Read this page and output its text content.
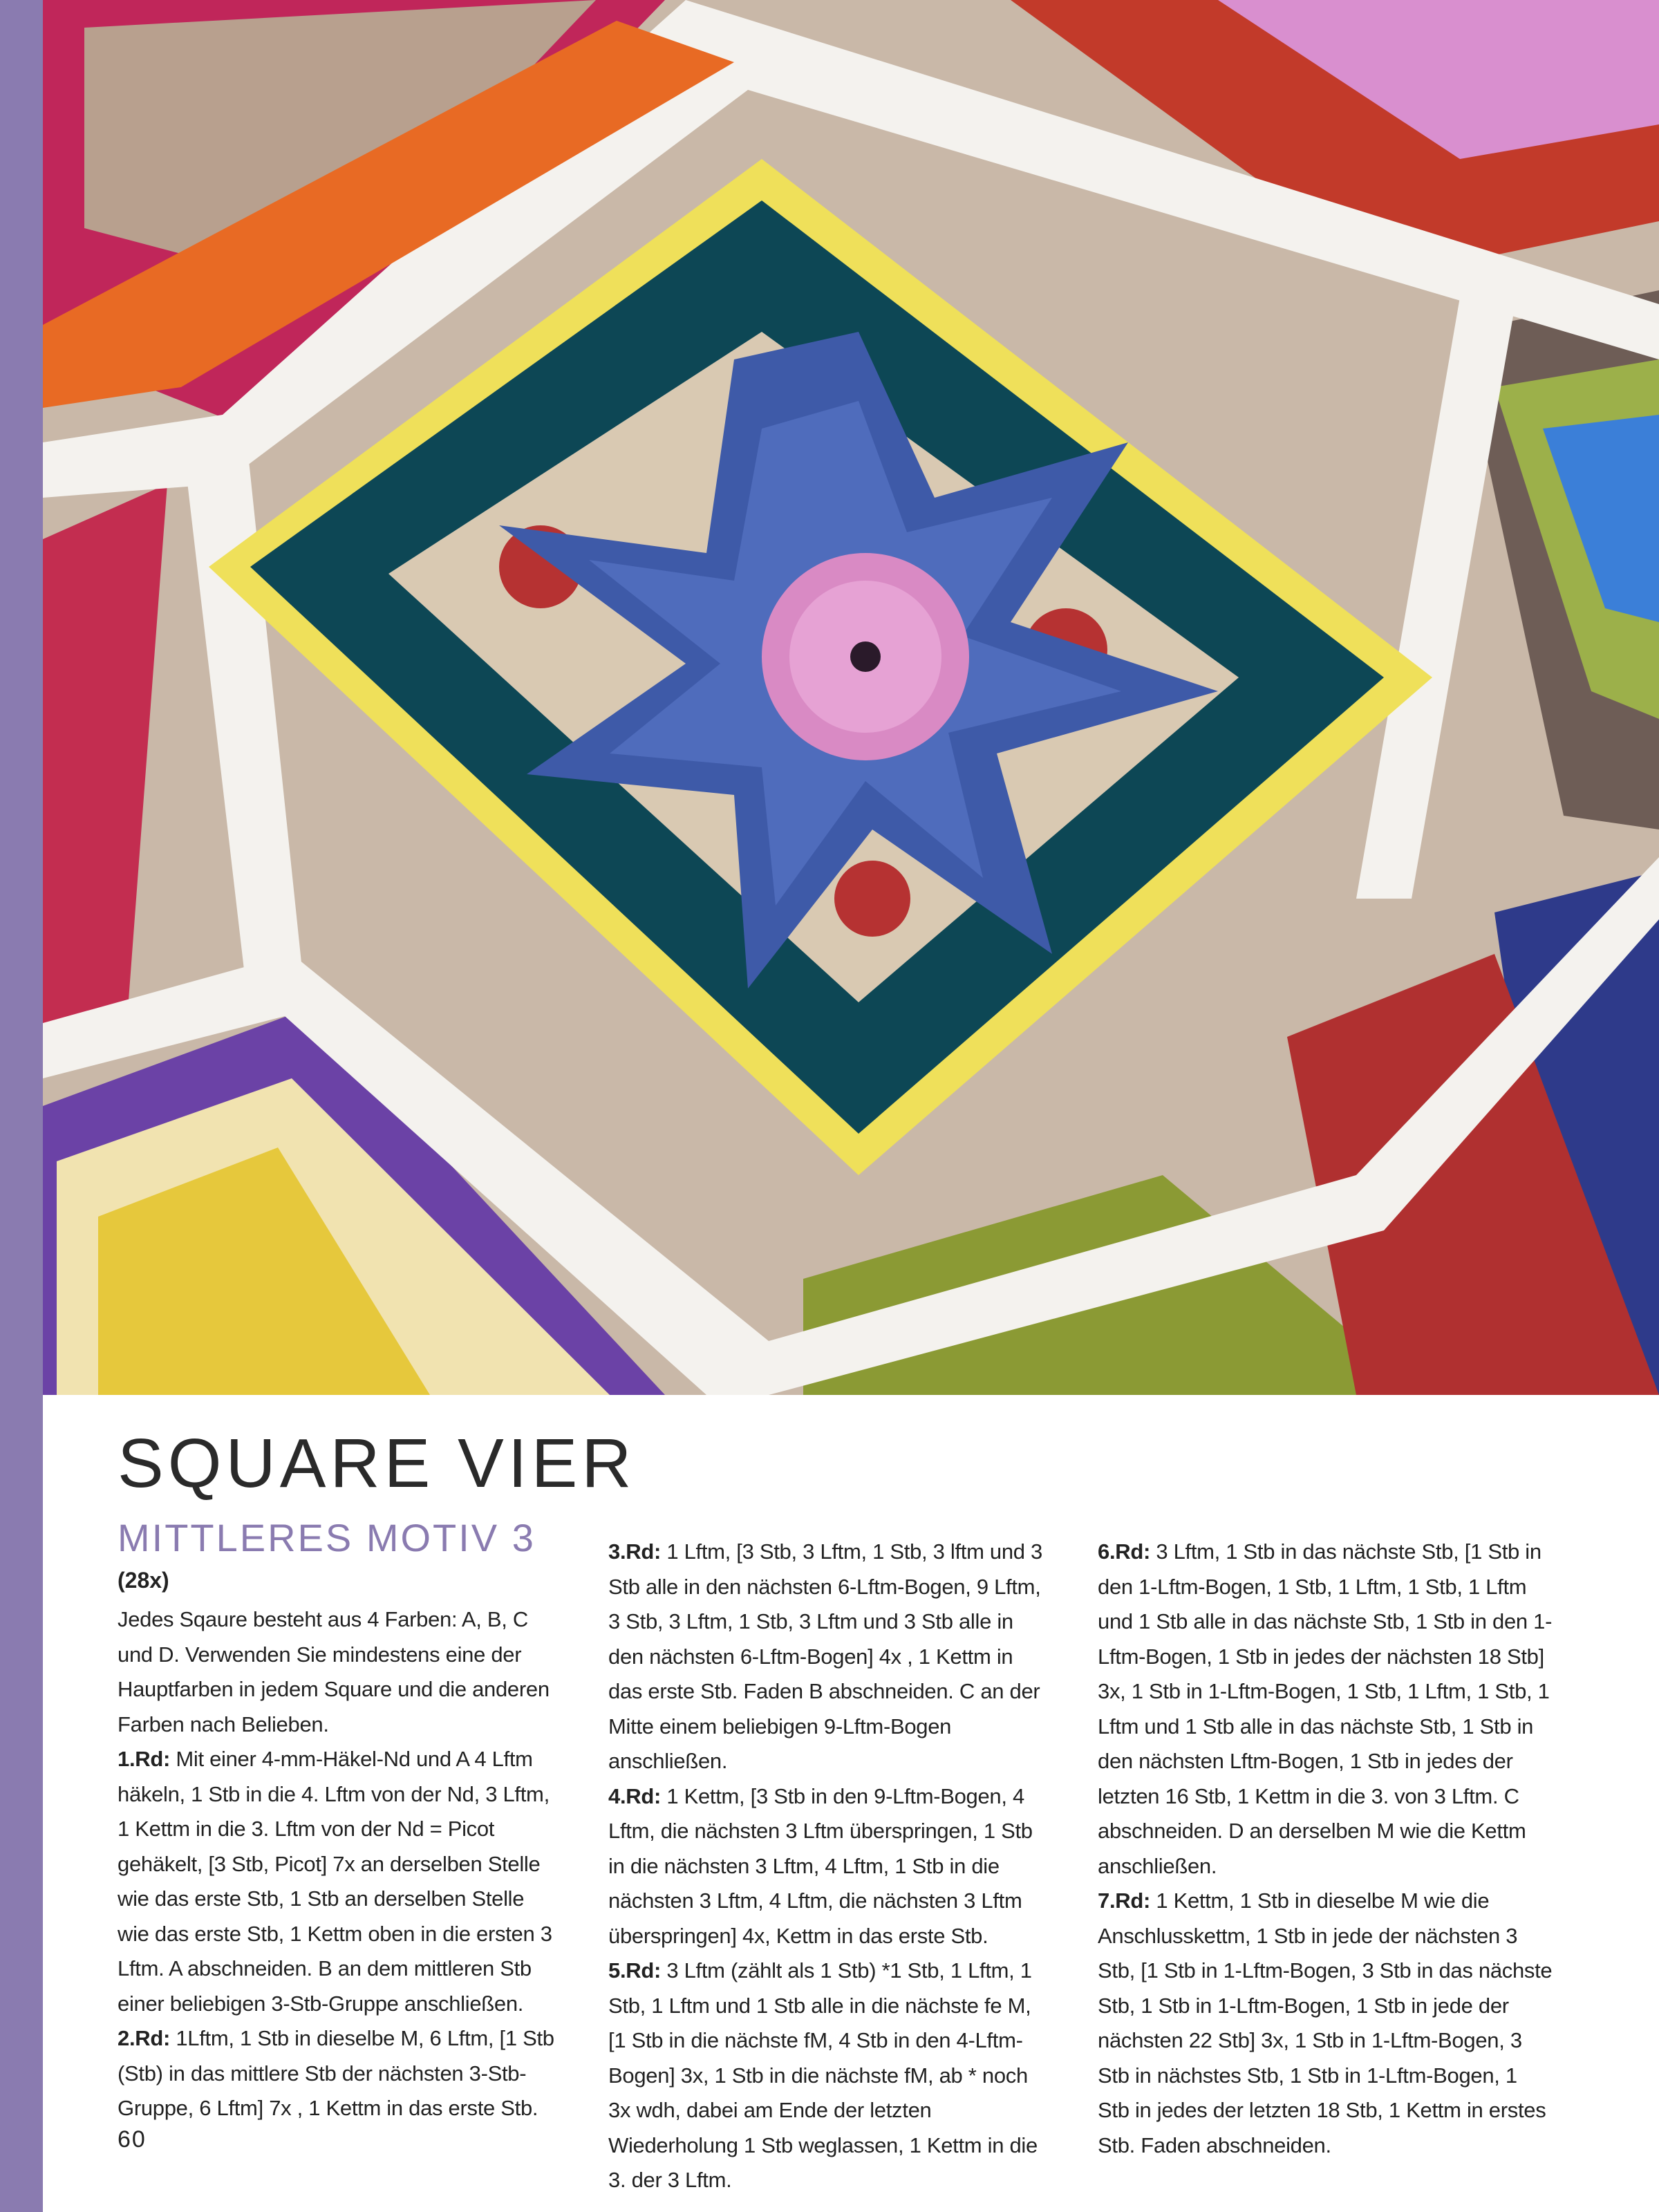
SQUARE VIER
MITTLERES MOTIV 3
(28x)

Jedes Sqaure besteht aus 4 Farben: A, B, C und D. Verwenden Sie mindestens eine der Hauptfarben in jedem Square und die anderen Farben nach Belieben.

1.Rd: Mit einer 4-mm-Häkel-Nd und A 4 Lftm häkeln, 1 Stb in die 4. Lftm von der Nd, 3 Lftm, 1 Kettm in die 3. Lftm von der Nd = Picot gehäkelt, [3 Stb, Picot] 7x an derselben Stelle wie das erste Stb, 1 Stb an derselben Stelle wie das erste Stb, 1 Kettm oben in die ersten 3 Lftm. A abschneiden. B an dem mittleren Stb einer beliebigen 3-Stb-Gruppe anschließen.

2.Rd: 1Lftm, 1 Stb in dieselbe M, 6 Lftm, [1 Stb (Stb) in das mittlere Stb der nächsten 3-Stb-Gruppe, 6 Lftm] 7x , 1 Kettm in das erste Stb.

3.Rd: 1 Lftm, [3 Stb, 3 Lftm, 1 Stb, 3 lftm und 3 Stb alle in den nächsten 6-Lftm-Bogen, 9 Lftm, 3 Stb, 3 Lftm, 1 Stb, 3 Lftm und 3 Stb alle in den nächsten 6-Lftm-Bogen] 4x , 1 Kettm in das erste Stb. Faden B abschneiden. C an der Mitte einem beliebigen 9-Lftm-Bogen anschließen.

4.Rd: 1 Kettm, [3 Stb in den 9-Lftm-Bogen, 4 Lftm, die nächsten 3 Lftm überspringen, 1 Stb in die nächsten 3 Lftm, 4 Lftm, 1 Stb in die nächsten 3 Lftm, 4 Lftm, die nächsten 3 Lftm überspringen] 4x, Kettm in das erste Stb.

5.Rd: 3 Lftm (zählt als 1 Stb) *1 Stb, 1 Lftm, 1 Stb, 1 Lftm und 1 Stb alle in die nächste fe M, [1 Stb in die nächste fM, 4 Stb in den 4-Lftm-Bogen] 3x, 1 Stb in die nächste fM, ab * noch 3x wdh, dabei am Ende der letzten Wiederholung 1 Stb weglassen, 1 Kettm in die 3. der 3 Lftm.

6.Rd: 3 Lftm, 1 Stb in das nächste Stb, [1 Stb in den 1-Lftm-Bogen, 1 Stb, 1 Lftm, 1 Stb, 1 Lftm und 1 Stb alle in das nächste Stb, 1 Stb in den 1-Lftm-Bogen, 1 Stb in jedes der nächsten 18 Stb] 3x, 1 Stb in 1-Lftm-Bogen, 1 Stb, 1 Lftm, 1 Stb, 1 Lftm und 1 Stb alle in das nächste Stb, 1 Stb in den nächsten Lftm-Bogen, 1 Stb in jedes der letzten 16 Stb, 1 Kettm in die 3. von 3 Lftm. C abschneiden. D an derselben M wie die Kettm anschließen.

7.Rd: 1 Kettm, 1 Stb in dieselbe M wie die Anschlusskettm, 1 Stb in jede der nächsten 3 Stb, [1 Stb in 1-Lftm-Bogen, 3 Stb in das nächste Stb, 1 Stb in 1-Lftm-Bogen, 1 Stb in jede der nächsten 22 Stb] 3x, 1 Stb in 1-Lftm-Bogen, 3 Stb in nächstes Stb, 1 Stb in 1-Lftm-Bogen, 1 Stb in jedes der letzten 18 Stb, 1 Kettm in erstes Stb. Faden abschneiden.

60
